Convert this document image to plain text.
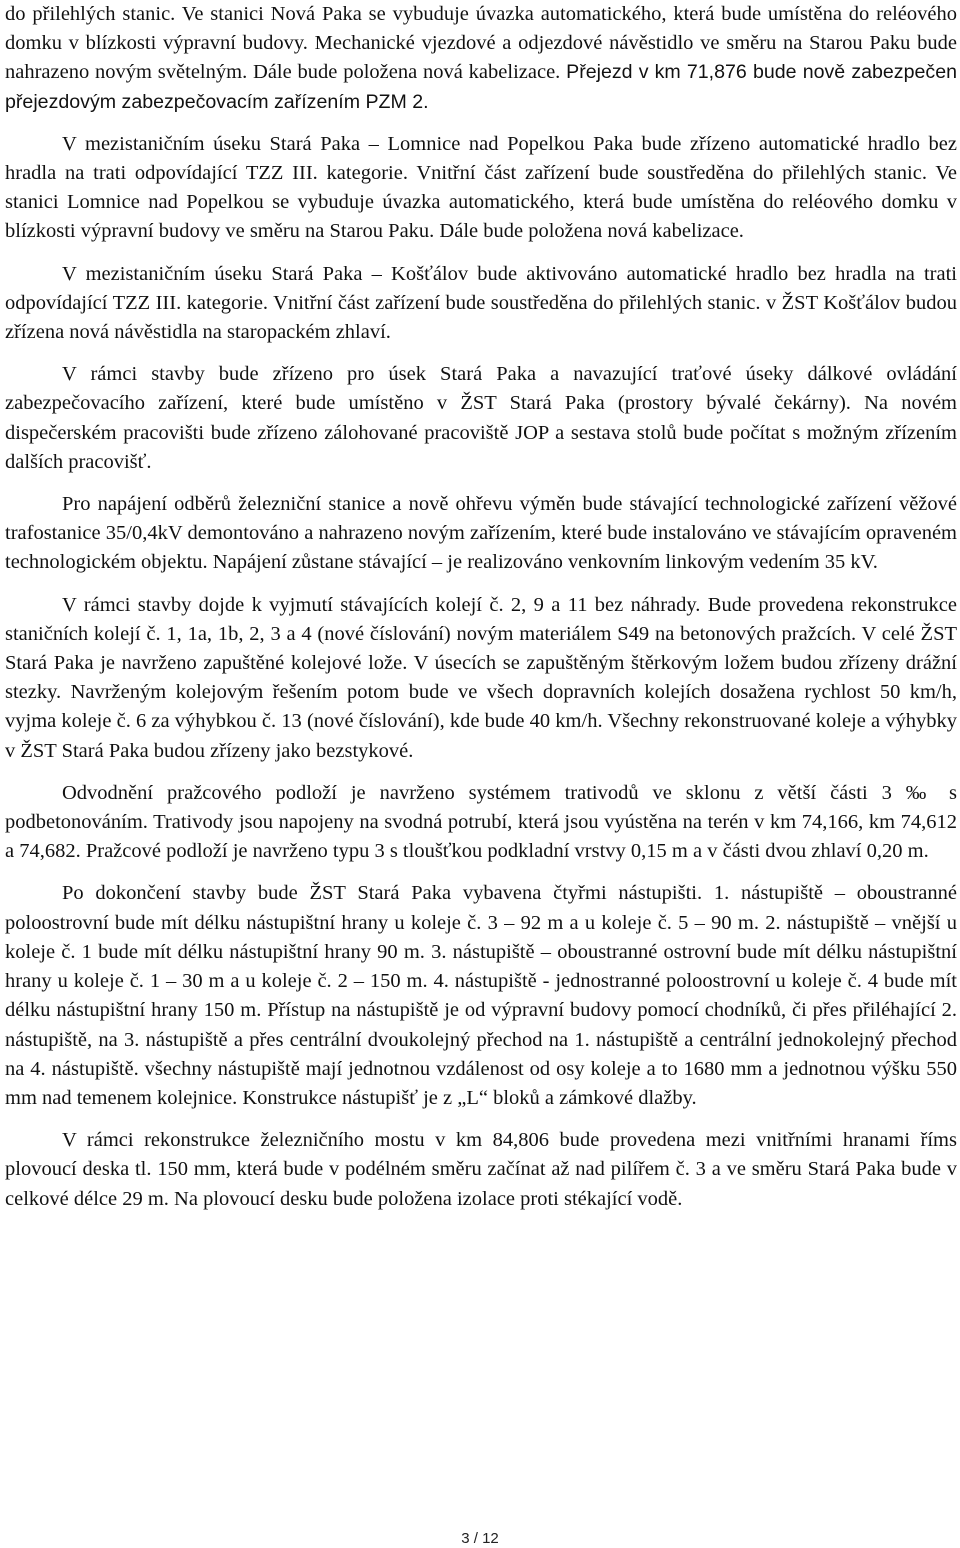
do přilehlých stanic. Ve stanici Nová Paka se vybuduje úvazka automatického, která bude umístěna do reléového domku v blízkosti výpravní budovy. Mechanické vjezdové a odjezdové návěstidlo ve směru na Starou Paku bude nahrazeno novým světelným. Dále bude položena nová kabelizace. Přejezd v km 71,876 bude nově zabezpečen přejezdovým zabezpečovacím zařízením PZM 2.

V mezistaničním úseku Stará Paka – Lomnice nad Popelkou Paka bude zřízeno automatické hradlo bez hradla na trati odpovídající TZZ III. kategorie. Vnitřní část zařízení bude soustředěna do přilehlých stanic. Ve stanici Lomnice nad Popelkou se vybuduje úvazka automatického, která bude umístěna do reléového domku v blízkosti výpravní budovy ve směru na Starou Paku. Dále bude položena nová kabelizace.

V mezistaničním úseku Stará Paka – Košťálov bude aktivováno automatické hradlo bez hradla na trati odpovídající TZZ III. kategorie. Vnitřní část zařízení bude soustředěna do přilehlých stanic. v ŽST Košťálov budou zřízena nová návěstidla na staropackém zhlaví.

V rámci stavby bude zřízeno pro úsek Stará Paka a navazující traťové úseky dálkové ovládání zabezpečovacího zařízení, které bude umístěno v ŽST Stará Paka (prostory bývalé čekárny). Na novém dispečerském pracovišti bude zřízeno zálohované pracoviště JOP a sestava stolů bude počítat s možným zřízením dalších pracovišť.

Pro napájení odběrů železniční stanice a nově ohřevu výměn bude stávající technologické zařízení věžové trafostanice 35/0,4kV demontováno a nahrazeno novým zařízením, které bude instalováno ve stávajícím opraveném technologickém objektu. Napájení zůstane stávající – je realizováno venkovním linkovým vedením 35 kV.

V rámci stavby dojde k vyjmutí stávajících kolejí č. 2, 9 a 11 bez náhrady. Bude provedena rekonstrukce staničních kolejí č. 1, 1a, 1b, 2, 3 a 4 (nové číslování) novým materiálem S49 na betonových pražcích. V celé ŽST Stará Paka je navrženo zapuštěné kolejové lože. V úsecích se zapuštěným štěrkovým ložem budou zřízeny drážní stezky. Navrženým kolejovým řešením potom bude ve všech dopravních kolejích dosažena rychlost 50 km/h, vyjma koleje č. 6 za výhybkou č. 13 (nové číslování), kde bude 40 km/h. Všechny rekonstruované koleje a výhybky v ŽST Stará Paka budou zřízeny jako bezstykové.

Odvodnění pražcového podloží je navrženo systémem trativodů ve sklonu z větší části 3 ‰ s podbetonováním. Trativody jsou napojeny na svodná potrubí, která jsou vyústěna na terén v km 74,166, km 74,612 a 74,682. Pražcové podloží je navrženo typu 3 s tloušťkou podkladní vrstvy 0,15 m a v části dvou zhlaví 0,20 m.

Po dokončení stavby bude ŽST Stará Paka vybavena čtyřmi nástupišti. 1. nástupiště – oboustranné poloostrovní bude mít délku nástupištní hrany u koleje č. 3 – 92 m a u koleje č. 5 – 90 m. 2. nástupiště – vnější u koleje č. 1 bude mít délku nástupištní hrany 90 m. 3. nástupiště – oboustranné ostrovní bude mít délku nástupištní hrany u koleje č. 1 – 30 m a u koleje č. 2 – 150 m. 4. nástupiště - jednostranné poloostrovní u koleje č. 4 bude mít délku nástupištní hrany 150 m. Přístup na nástupiště je od výpravní budovy pomocí chodníků, či přes přiléhající 2. nástupiště, na 3. nástupiště a přes centrální dvoukolejný přechod na 1. nástupiště a centrální jednokolejný přechod na 4. nástupiště. všechny nástupiště mají jednotnou vzdálenost od osy koleje a to 1680 mm a jednotnou výšku 550 mm nad temenem kolejnice. Konstrukce nástupišť je z „L“ bloků a zámkové dlažby.

V rámci rekonstrukce železničního mostu v km 84,806 bude provedena mezi vnitřními hranami říms plovoucí deska tl. 150 mm, která bude v podélném směru začínat až nad pilířem č. 3 a ve směru Stará Paka bude v celkové délce 29 m. Na plovoucí desku bude položena izolace proti stékající vodě.

3 / 12
